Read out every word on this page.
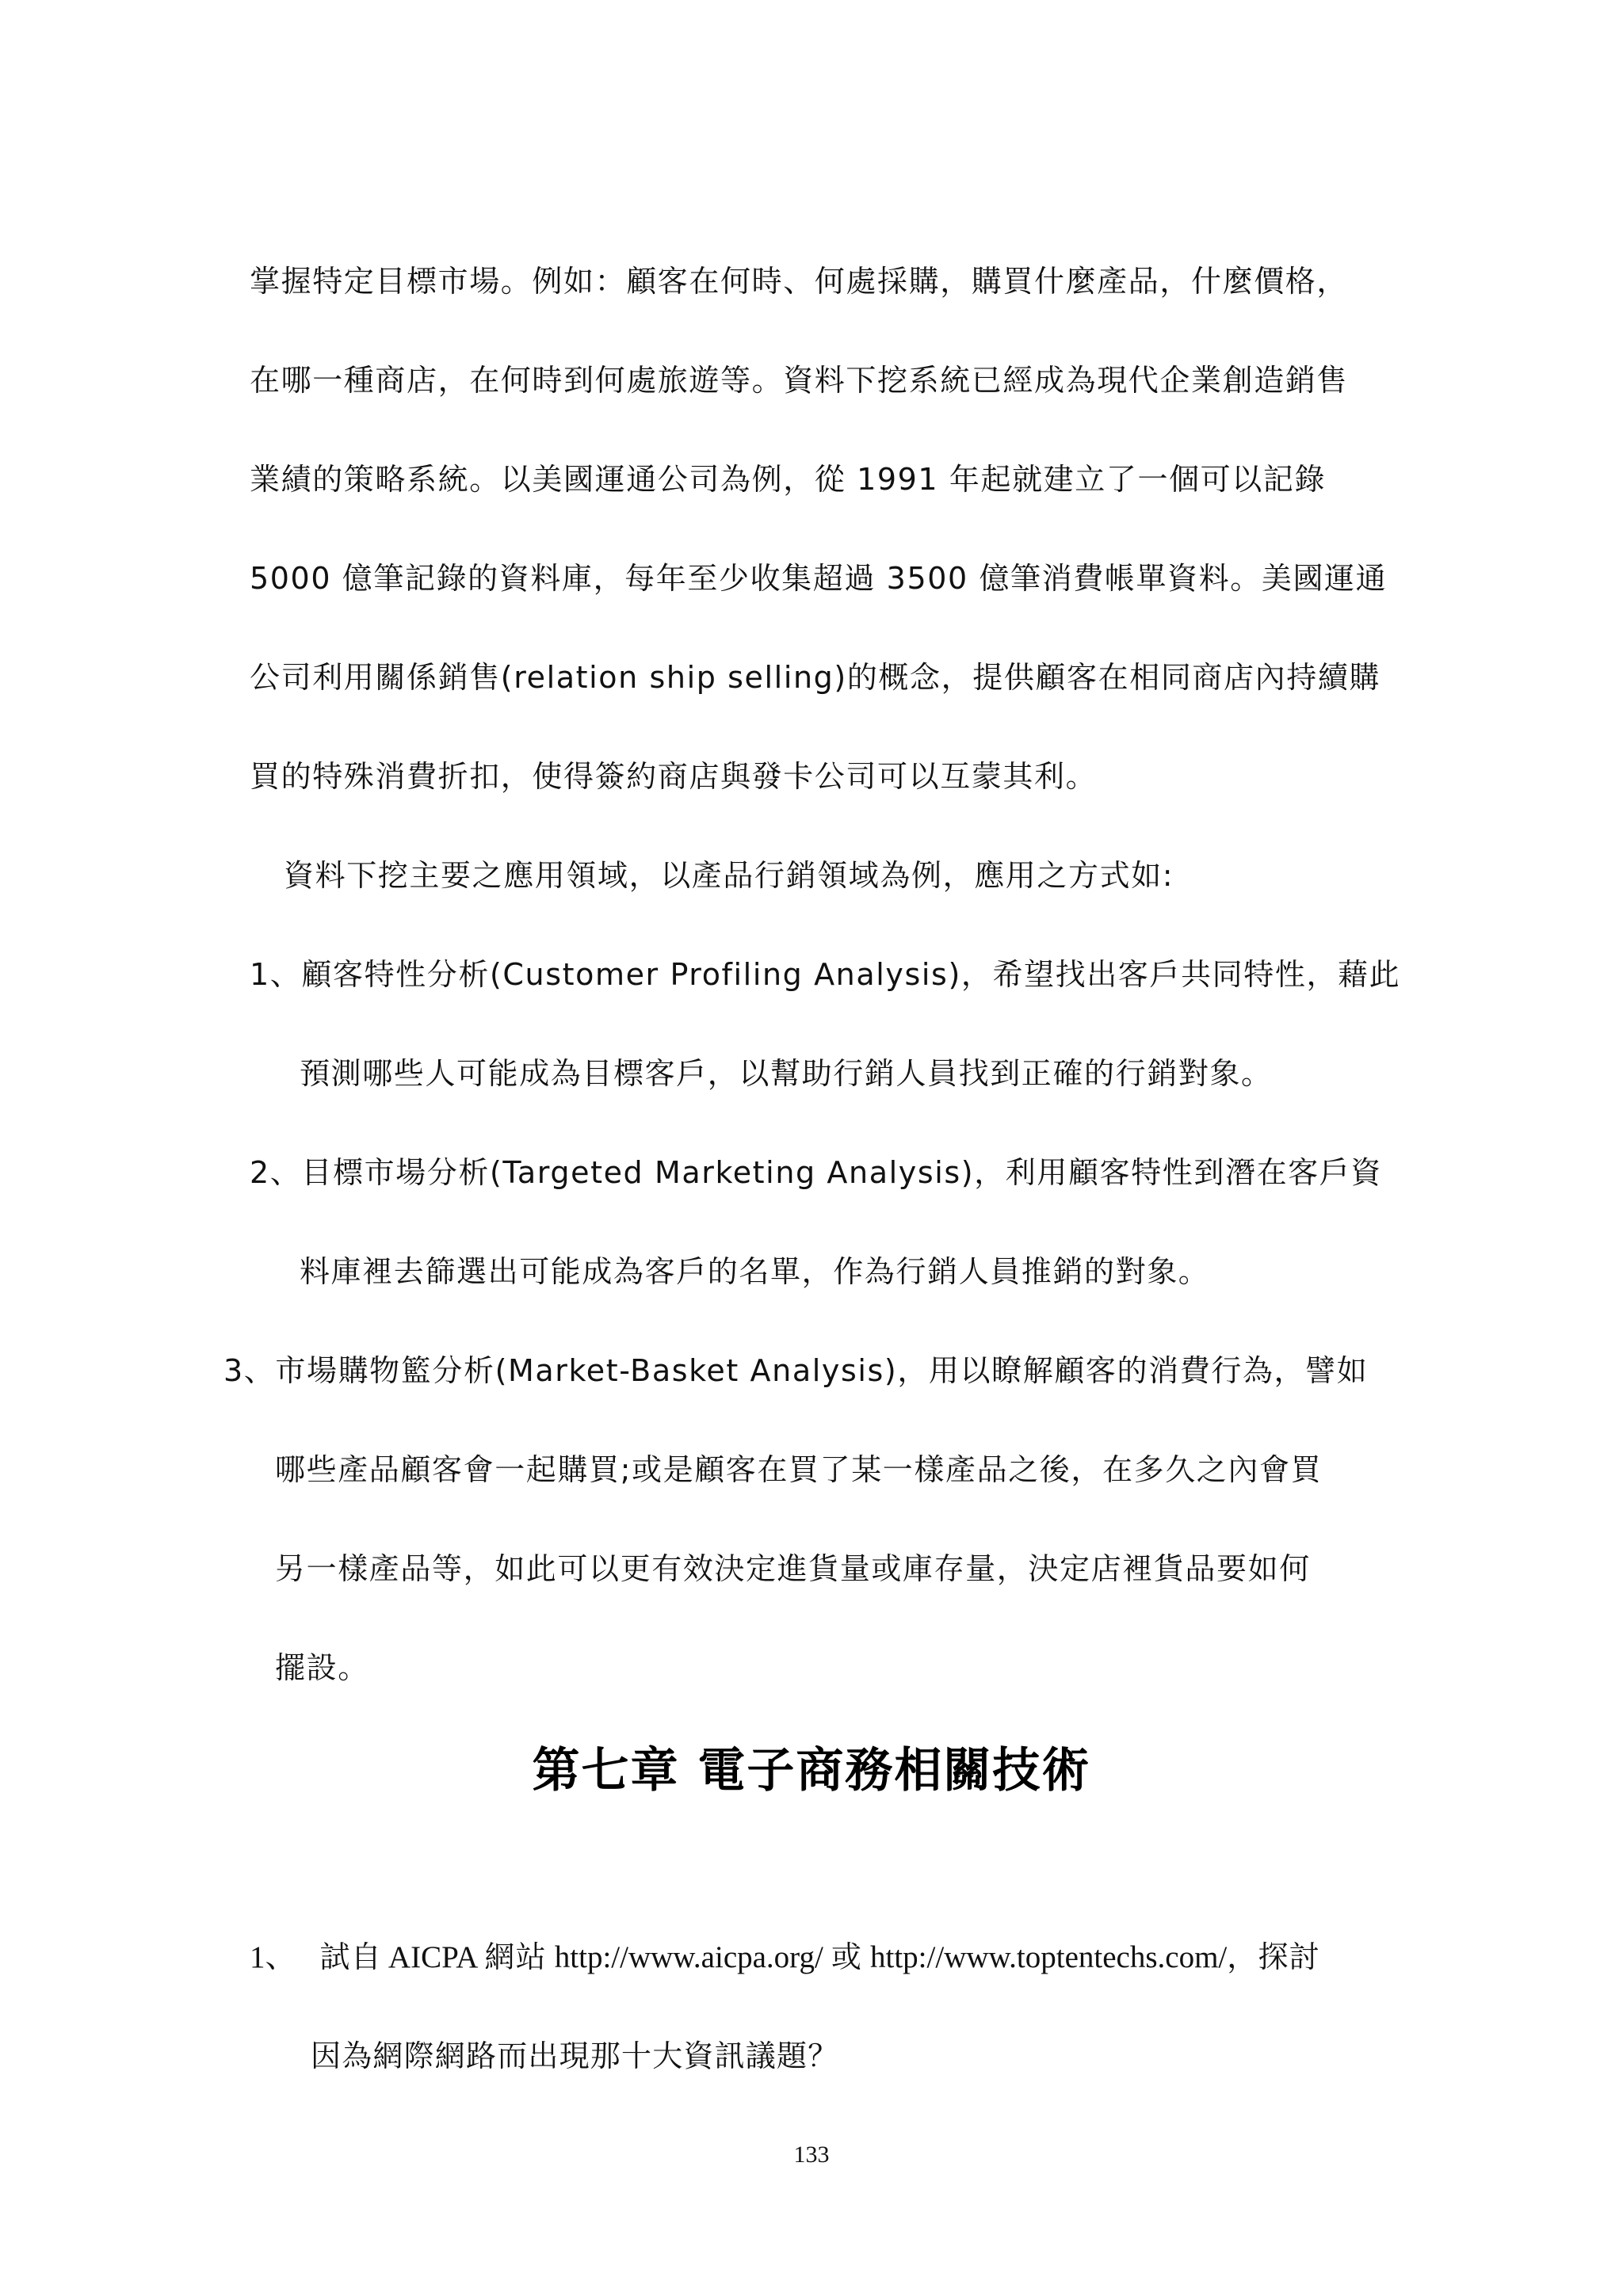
掌握特定目標市場。例如：顧客在何時、何處採購，購買什麼產品，什麼價格，

在哪一種商店，在何時到何處旅遊等。資料下挖系統已經成為現代企業創造銷售

業績的策略系統。以美國運通公司為例，從 1991 年起就建立了一個可以記錄

5000 億筆記錄的資料庫，每年至少收集超過 3500 億筆消費帳單資料。美國運通

公司利用關係銷售(relation ship selling)的概念，提供顧客在相同商店內持續購

買的特殊消費折扣，使得簽約商店與發卡公司可以互蒙其利。

資料下挖主要之應用領域，以產品行銷領域為例，應用之方式如:

1、顧客特性分析(Customer Profiling Analysis)，希望找出客戶共同特性，藉此

預測哪些人可能成為目標客戶，以幫助行銷人員找到正確的行銷對象。

2、目標市場分析(Targeted Marketing Analysis)，利用顧客特性到潛在客戶資

料庫裡去篩選出可能成為客戶的名單，作為行銷人員推銷的對象。

3、市場購物籃分析(Market-Basket Analysis)，用以瞭解顧客的消費行為，譬如

哪些產品顧客會一起購買;或是顧客在買了某一樣產品之後，在多久之內會買

另一樣產品等，如此可以更有效決定進貨量或庫存量，決定店裡貨品要如何

擺設。

第七章 電子商務相關技術

1、 試自 AICPA 網站 http://www.aicpa.org/ 或 http://www.toptentechs.com/，探討

因為網際網路而出現那十大資訊議題？

133
